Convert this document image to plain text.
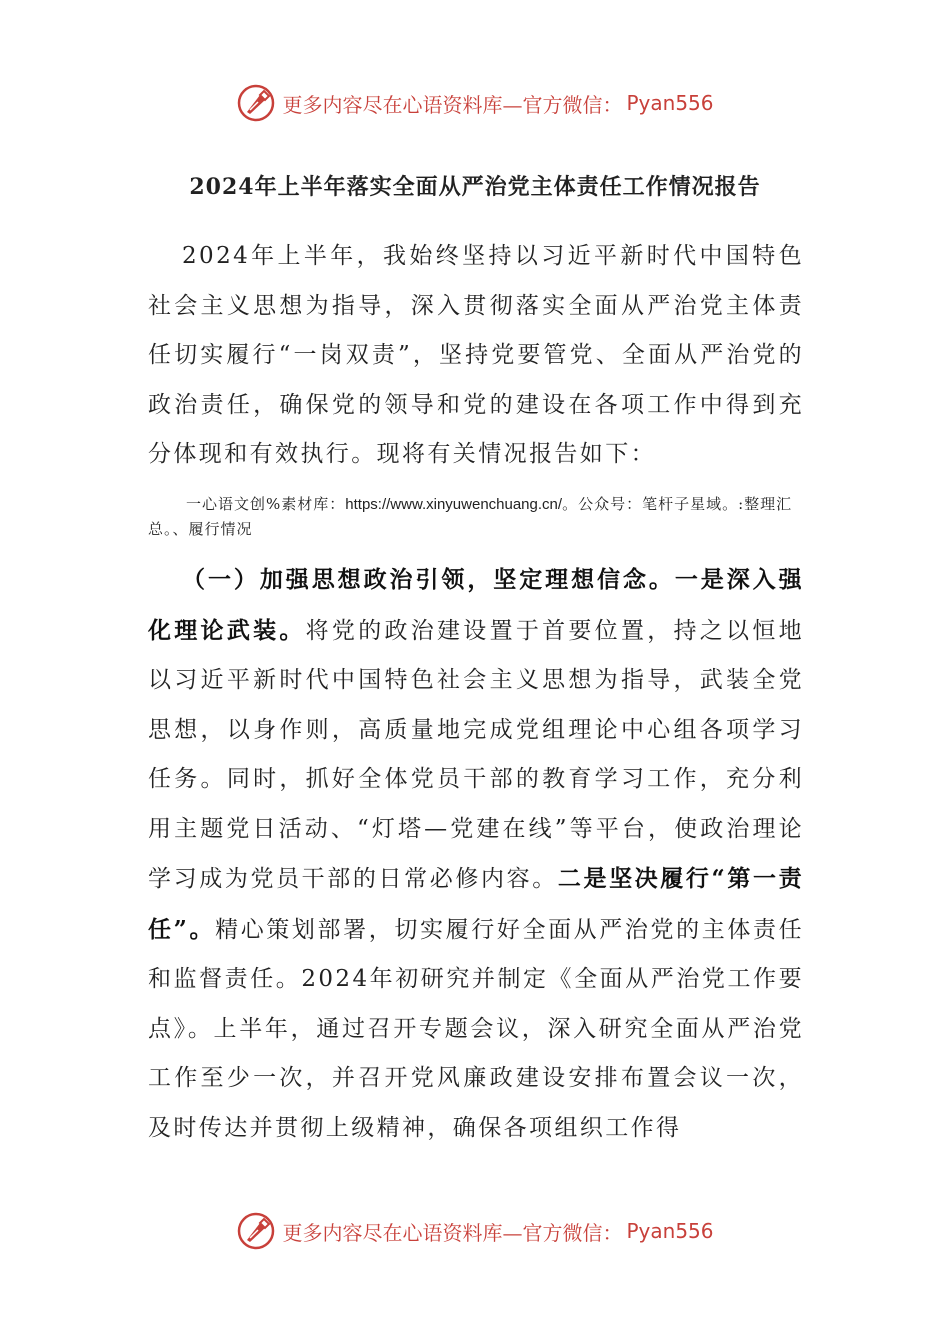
更多内容尽在心语资料库—官方微信： Pyan556
2024年上半年落实全面从严治党主体责任工作情况报告

2024年上半年，我始终坚持以习近平新时代中国特色社会主义思想为指导，深入贯彻落实全面从严治党主体责任切实履行“一岗双责”，坚持党要管党、全面从严治党的政治责任，确保党的领导和党的建设在各项工作中得到充分体现和有效执行。现将有关情况报告如下：

一心语文创%素材库：https://www.xinyuwenchuang.cn/。公众号：笔杆子星域。:整理汇总。、履行情况

（一）加强思想政治引领，坚定理想信念。一是深入强化理论武装。将党的政治建设置于首要位置，持之以恒地以习近平新时代中国特色社会主义思想为指导，武装全党思想，以身作则，高质量地完成党组理论中心组各项学习任务。同时，抓好全体党员干部的教育学习工作，充分利用主题党日活动、“灯塔—党建在线”等平台，使政治理论学习成为党员干部的日常必修内容。二是坚决履行“第一责任”。精心策划部署，切实履行好全面从严治党的主体责任和监督责任。2024年初研究并制定《全面从严治党工作要点》。上半年，通过召开专题会议，深入研究全面从严治党工作至少一次，并召开党风廉政建设安排布置会议一次，及时传达并贯彻上级精神，确保各项组织工作得

更多内容尽在心语资料库—官方微信： Pyan556
